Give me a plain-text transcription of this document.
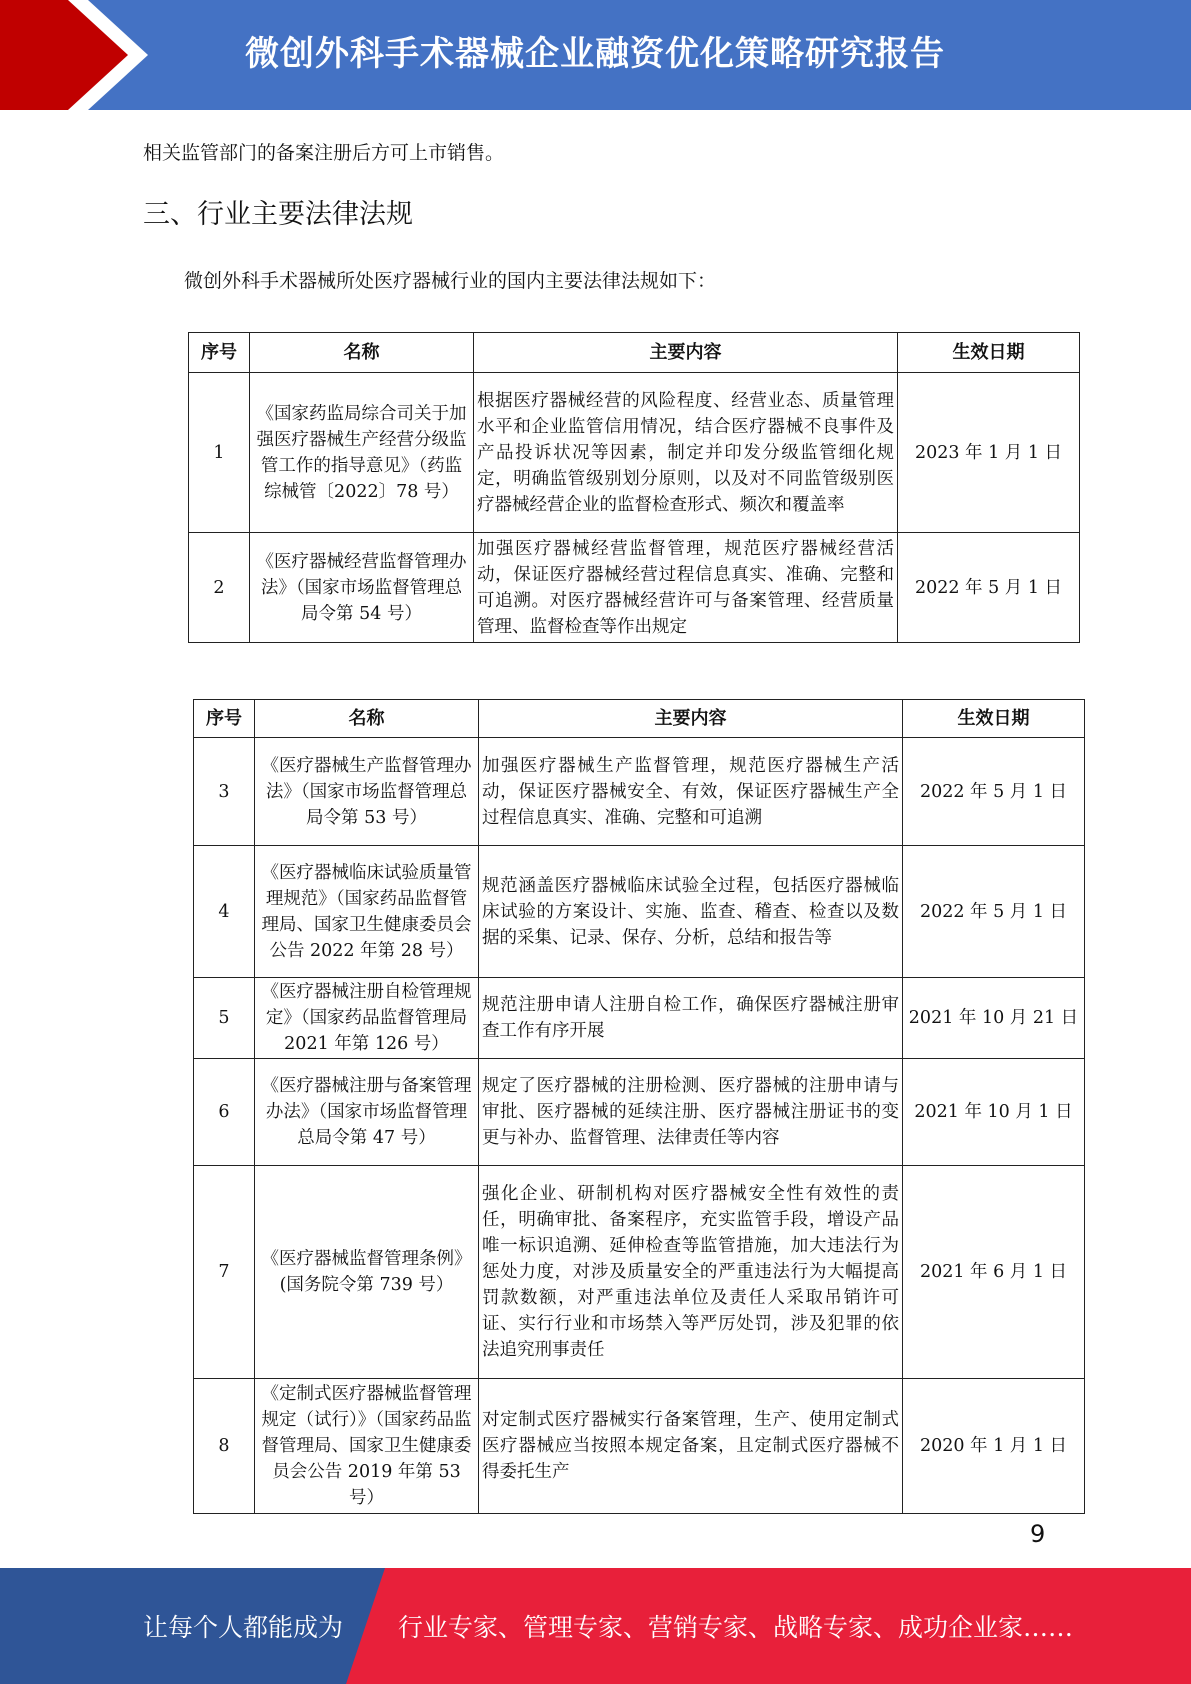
微创外科手术器械企业融资优化策略研究报告
相关监管部门的备案注册后方可上市销售。
三、行业主要法律法规
微创外科手术器械所处医疗器械行业的国内主要法律法规如下：
序号	名称	主要内容	生效日期
1	《国家药监局综合司关于加强医疗器械生产经营分级监管工作的指导意见》（药监综械管〔2022〕78 号）	根据医疗器械经营的风险程度、经营业态、质量管理水平和企业监管信用情况，结合医疗器械不良事件及产品投诉状况等因素，制定并印发分级监管细化规定，明确监管级别划分原则，以及对不同监管级别医疗器械经营企业的监督检查形式、频次和覆盖率	2023 年 1 月 1 日
2	《医疗器械经营监督管理办法》（国家市场监督管理总局令第 54 号）	加强医疗器械经营监督管理，规范医疗器械经营活动，保证医疗器械经营过程信息真实、准确、完整和可追溯。对医疗器械经营许可与备案管理、经营质量管理、监督检查等作出规定	2022 年 5 月 1 日
序号	名称	主要内容	生效日期
3	《医疗器械生产监督管理办法》（国家市场监督管理总局令第 53 号）	加强医疗器械生产监督管理，规范医疗器械生产活动，保证医疗器械安全、有效，保证医疗器械生产全过程信息真实、准确、完整和可追溯	2022 年 5 月 1 日
4	《医疗器械临床试验质量管理规范》（国家药品监督管理局、国家卫生健康委员会公告 2022 年第 28 号）	规范涵盖医疗器械临床试验全过程，包括医疗器械临床试验的方案设计、实施、监查、稽查、检查以及数据的采集、记录、保存、分析，总结和报告等	2022 年 5 月 1 日
5	《医疗器械注册自检管理规定》（国家药品监督管理局2021 年第 126 号）	规范注册申请人注册自检工作，确保医疗器械注册审查工作有序开展	2021 年 10 月 21 日
6	《医疗器械注册与备案管理办法》（国家市场监督管理总局令第 47 号）	规定了医疗器械的注册检测、医疗器械的注册申请与审批、医疗器械的延续注册、医疗器械注册证书的变更与补办、监督管理、法律责任等内容	2021 年 10 月 1 日
7	《医疗器械监督管理条例》(国务院令第 739 号）	强化企业、研制机构对医疗器械安全性有效性的责任，明确审批、备案程序，充实监管手段，增设产品唯一标识追溯、延伸检查等监管措施，加大违法行为惩处力度，对涉及质量安全的严重违法行为大幅提高罚款数额，对严重违法单位及责任人采取吊销许可证、实行行业和市场禁入等严厉处罚，涉及犯罪的依法追究刑事责任	2021 年 6 月 1 日
8	《定制式医疗器械监督管理规定（试行）》（国家药品监督管理局、国家卫生健康委员会公告 2019 年第 53 号）	对定制式医疗器械实行备案管理，生产、使用定制式医疗器械应当按照本规定备案，且定制式医疗器械不得委托生产	2020 年 1 月 1 日
9
让每个人都能成为 行业专家、管理专家、营销专家、战略专家、成功企业家……
